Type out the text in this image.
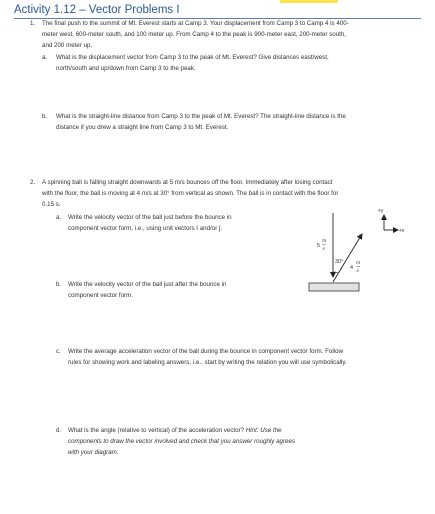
Activity 1.12 – Vector Problems I
1. The final push to the summit of Mt. Everest starts at Camp 3. Your displacement from Camp 3 to Camp 4 is 400-
meter west, 600-meter south, and 100 meter up. From Camp 4 to the peak is 900-meter east, 200-meter south,
and 200 meter up.
a. What is the displacement vector from Camp 3 to the peak of Mt. Everest? Give distances east/west,
north/south and up/down from Camp 3 to the peak.
b. What is the straight-line distance from Camp 3 to the peak of Mt. Everest? The straight-line distance is the
distance if you drew a straight line from Camp 3 to Mt. Everest.
2. A spinning ball is falling straight downwards at 5 m/s bounces off the floor. Immediately after losing contact
with the floor, the ball is moving at 4 m/s at 30° from vertical as shown. The ball is in contact with the floor for
0.15 s.
a. Write the velocity vector of the ball just before the bounce in
component vector form, i.e., using unit vectors î and/or ĵ.
b. Write the velocity vector of the ball just after the bounce in
component vector form.
c. Write the average acceleration vector of the ball during the bounce in component vector form. Follow
rules for showing work and labeling answers, i.e., start by writing the relation you will use symbolically.
d. What is the angle (relative to vertical) of the acceleration vector? Hint: Use the
components to draw the vector involved and check that you answer roughly agrees
with your diagram.
+y
+x
30°
5
m
s
4
m
s
